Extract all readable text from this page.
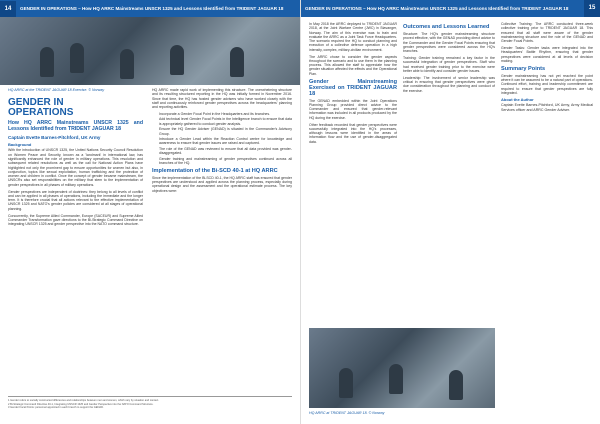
14 GENDER IN OPERATIONS – How HQ ARRC Mainstreams UNSCR 1325 and Lessons Identified from TRIDENT JAGUAR 18
HQ ARRC at the TRIDENT JAGUAR 18 Exercise. © Norway
GENDER IN
OPERATIONS
How HQ ARRC Mainstreams UNSCR 1325 and Lessons Identified from TRIDENT JAGUAR 18
Captain Evette Barnes-Pitchford, UK Army
Background

With the introduction of UNSCR 1325, the United Nations Security Council Resolution on Women Peace and Security, known as a 'landmark' in international law, has significantly enhanced the role of gender in military operations. This resolution and subsequent related resolutions as well as the call for National Action Plans have highlighted not only the prominent gap to ensure opportunities for women but also, in conjunction, topics like sexual exploitation, human trafficking and the protection of women and children in conflict. Once the concept of gender became mainstream, the UNSCRs also set responsibilities on the military that stem to the implementation of gender perspectives in all phases of military operations.

Gender perspectives are independent of doctrines: they belong to all levels of conflict and can be applied in all phases of operations, including the immediate and the longer term. It is therefore crucial that all actions relevant to the effective implementation of UNSCR 1325 and NATO's gender policies are considered at all stages of operational planning.

Concurrently, the Supreme Allied Commander, Europe (SACEUR) and Supreme Allied Commander Transformation gave directions to the Bi-Strategic Command Directive on integrating UNSCR 1325 and gender perspective into the NATO command structure.

HQ ARRC made rapid work of implementing this structure. The overwhelming structure and its resulting structured reporting in the HQ was initially formed in November 2016. Since that time, the HQ has hosted gender advisers who have worked closely with the staff and continuously reinforced gender perspectives across the headquarters' planning and reporting activities.

• Incorporate a Gender Focal Point in the Headquarters and its branches.
• Add technical level Gender Focal Points in the Intelligence branch to ensure that data is appropriately gathered to conduct gender analysis.
• Ensure the HQ Gender Adviser (GENAD) is situated in the Commander's Advisory Group.
• Introduce a Gender Lead within the Reaction Control centre for knowledge and awareness to ensure that gender issues are raised and captured.
• The role of the GENAD was reviewed to ensure that all data provided was gender-disaggregated.
• Gender training and mainstreaming of gender perspectives continued across all branches of the HQ.
Implementation of the Bi-SCD 40-1 at HQ ARRC

Since the implementation of the Bi-SCD 40-1, the HQ ARRC staff has ensured that gender perspectives are understood and applied across the planning process, especially during operational design and the assessment and the operational estimate process. The key objectives were:

1 Gender refers to socially constructed differences and relationships between men and women, which vary by situation and context.
2 Bi-Strategic Command Directive 40-1, Integrating UNSCR 1325 and Gender Perspective into the NATO Command Structure.
3 Gender Focal Points: personnel appointed in each branch to support the GENAD.
15
GENDER IN OPERATIONS – How HQ ARRC Mainstreams UNSCR 1325 and Lessons Identified from TRIDENT JAGUAR 18

In May 2018 the ARRC deployed to TRIDENT JAGUAR 2018, at the Joint Warfare Centre (JWC) in Stavanger, Norway. The aim of this exercise was to train and evaluate the ARRC as a Joint Task Force Headquarters. The scenario required the HQ to conduct planning and execution of a collective defence operation in a high intensity, complex, military-civilian environment.

The ARRC chose to consider the gender aspects throughout the scenario and to use them in the planning process. This allowed the staff to appreciate how the gender situation affected the effects and the Operational Plan.

Gender Mainstreaming Exercised on TRIDENT JAGUAR 18

The GENAD embedded within the Joint Operations Planning Group provided direct advice to the Commander and ensured that gender-relevant information was included in all products produced by the HQ during the exercise.

Other feedback recorded that gender perspectives were successfully integrated into the HQ's processes, although lessons were identified in the areas of information flow and the use of gender-disaggregated data.

Outcomes and Lessons Learned

Structure: The HQ's gender mainstreaming structure proved effective, with the GENAD providing direct advice to the Commander and the Gender Focal Points ensuring that gender perspectives were considered across the HQ's branches.

Training: Gender training remained a key factor in the successful integration of gender perspectives. Staff who had received gender training prior to the exercise were better able to identify and consider gender issues.

Leadership: The involvement of senior leadership was critical in ensuring that gender perspectives were given due consideration throughout the planning and conduct of the exercise.

Collective Training: The ARRC conducted three-week collective training prior to TRIDENT JAGUAR 18. This ensured that all staff were aware of the gender mainstreaming structure and the role of the GENAD and Gender Focal Points.

Gender Tasks: Gender tasks were integrated into the Headquarters' Battle Rhythm, ensuring that gender perspectives were considered at all levels of decision making.

Summary Points

Gender mainstreaming has not yet reached the point where it can be assumed to be a natural part of operations. Continued effort, training and leadership commitment are required to ensure that gender perspectives are fully integrated.

About the Author

Captain Evette Barnes-Pitchford, UK Army, Army Medical Services officer and ARRC Gender Adviser.

HQ ARRC at TRIDENT JAGUAR 18. © Norway
